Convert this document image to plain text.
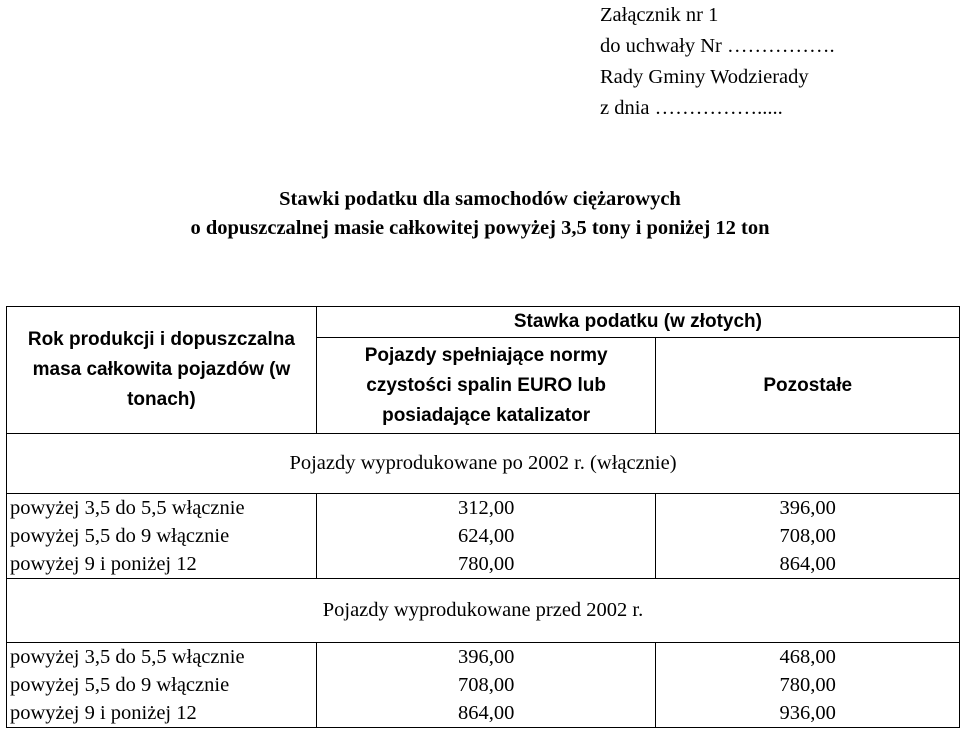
Załącznik nr 1
do uchwały Nr …………….
Rady Gminy Wodzierady
z dnia …………….....
Stawki podatku dla samochodów ciężarowych
o dopuszczalnej masie całkowitej powyżej 3,5 tony i poniżej 12 ton
Rok produkcji i dopuszczalna masa całkowita pojazdów (w tonach)	Stawka podatku (w złotych)	
	Pojazdy spełniające normy czystości spalin EURO lub posiadające katalizator	Pozostałe
Pojazdy wyprodukowane po 2002 r. (włącznie)		
powyżej 3,5 do 5,5 włącznie	312,00	396,00
powyżej 5,5 do 9 włącznie	624,00	708,00
powyżej 9 i poniżej 12	780,00	864,00
Pojazdy wyprodukowane przed 2002 r.		
powyżej 3,5 do 5,5 włącznie	396,00	468,00
powyżej 5,5 do 9 włącznie	708,00	780,00
powyżej 9 i poniżej 12	864,00	936,00
